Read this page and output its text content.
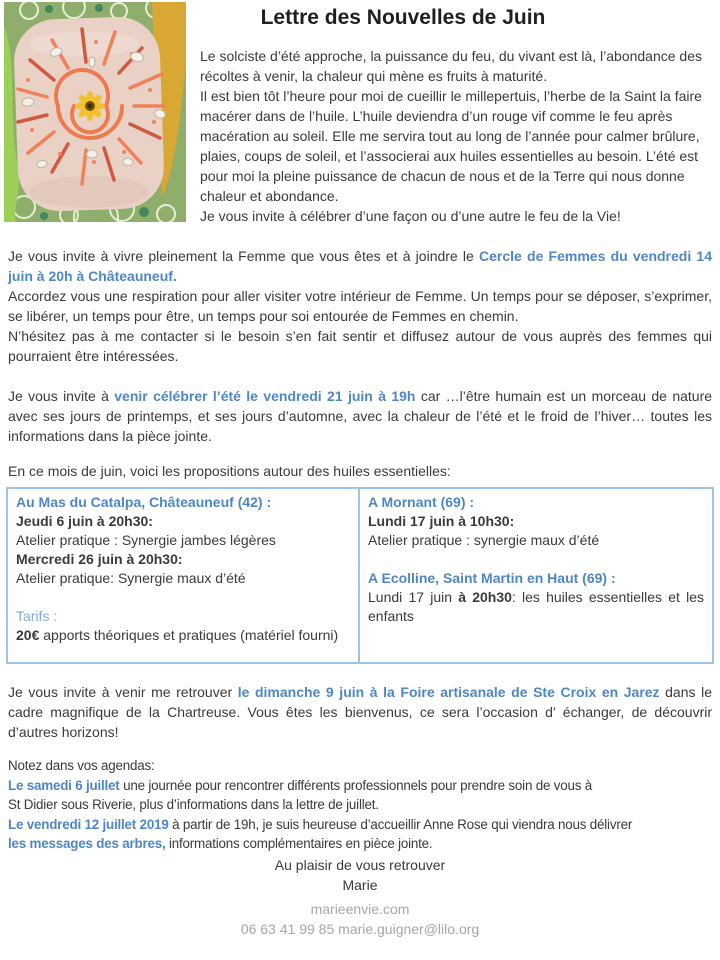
Lettre des Nouvelles de Juin

Le solciste d’été approche, la puissance du feu, du vivant est là, l’abondance des récoltes à venir, la chaleur qui mène es fruits à maturité.

Il est bien tôt l’heure pour moi de cueillir le millepertuis, l’herbe de la Saint la faire macérer dans de l’huile. L’huile deviendra d’un rouge vif comme le feu après macération au soleil. Elle me servira tout au long de l’année pour calmer brûlure, plaies, coups de soleil, et l’associerai aux huiles essentielles au besoin. L’été est pour moi la pleine puissance de chacun de nous et de la Terre qui nous donne chaleur et abondance.

Je vous invite à célébrer d’une façon ou d’une autre le feu de la Vie!

Je vous invite à vivre pleinement la Femme que vous êtes et à joindre le Cercle de Femmes du vendredi 14 juin à 20h à Châteauneuf.

Accordez vous une respiration pour aller visiter votre intérieur de Femme. Un temps pour se déposer, s’exprimer, se libérer, un temps pour être, un temps pour soi entourée de Femmes en chemin.

N’hésitez pas à me contacter si le besoin s’en fait sentir et diffusez autour de vous auprès des femmes qui pourraient être intéressées.

Je vous invite à venir célébrer l’été le vendredi 21 juin à 19h car …l’être humain est un morceau de nature avec ses jours de printemps, et ses jours d’automne, avec la chaleur de l’été et le froid de l’hiver… toutes les informations dans la pièce jointe.

En ce mois de juin, voici les propositions autour des huiles essentielles:

Au Mas du Catalpa, Châteauneuf (42) :

Jeudi 6 juin à 20h30:

Atelier pratique : Synergie jambes légères

Mercredi 26 juin à 20h30:

Atelier pratique: Synergie maux d’été

Tarifs :

20€ apports théoriques et pratiques (matériel fourni)

A Mornant (69) :

Lundi 17 juin à 10h30:

Atelier pratique : synergie maux d’été

A Ecolline, Saint Martin en Haut (69) :

Lundi 17 juin à 20h30: les huiles essentielles et les enfants

Je vous invite à venir me retrouver le dimanche 9 juin à la Foire artisanale de Ste Croix en Jarez dans le cadre magnifique de la Chartreuse. Vous êtes les bienvenus, ce sera l’occasion d’ échanger, de découvrir d’autres horizons!

Notez dans vos agendas:

Le samedi 6 juillet une journée pour rencontrer différents professionnels pour prendre soin de vous à

St Didier sous Riverie, plus d’informations dans la lettre de juillet.

Le vendredi 12 juillet 2019 à partir de 19h, je suis heureuse d’accueillir Anne Rose qui viendra nous délivrer

les messages des arbres, informations complémentaires en pièce jointe.

Au plaisir de vous retrouver

Marie

marieenvie.com

06 63 41 99 85 marie.guigner@lilo.org
